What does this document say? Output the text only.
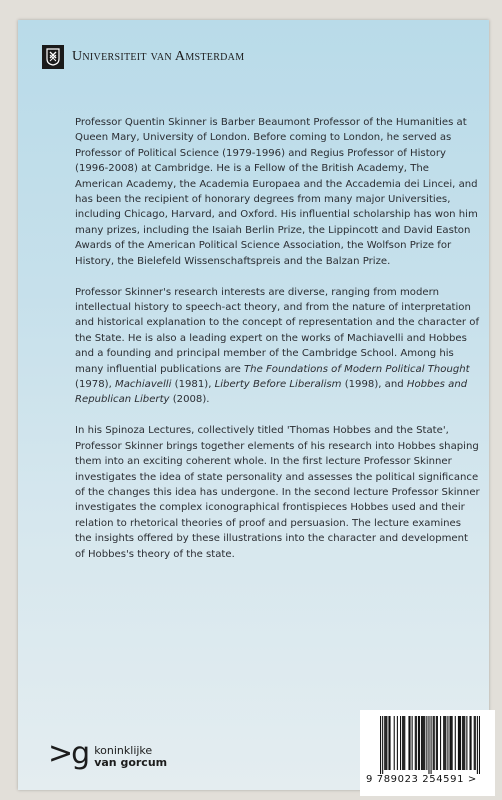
Universiteit van Amsterdam

Professor Quentin Skinner is Barber Beaumont Professor of the Humanities at Queen Mary, University of London. Before coming to London, he served as Professor of Political Science (1979-1996) and Regius Professor of History (1996-2008) at Cambridge. He is a Fellow of the British Academy, The American Academy, the Academia Europaea and the Accademia dei Lincei, and has been the recipient of honorary degrees from many major Universities, including Chicago, Harvard, and Oxford. His influential scholarship has won him many prizes, including the Isaiah Berlin Prize, the Lippincott and David Easton Awards of the American Political Science Association, the Wolfson Prize for History, the Bielefeld Wissenschaftspreis and the Balzan Prize.

Professor Skinner's research interests are diverse, ranging from modern intellectual history to speech-act theory, and from the nature of interpretation and historical explanation to the concept of representation and the character of the State. He is also a leading expert on the works of Machiavelli and Hobbes and a founding and principal member of the Cambridge School. Among his many influential publications are The Foundations of Modern Political Thought (1978), Machiavelli (1981), Liberty Before Liberalism (1998), and Hobbes and Republican Liberty (2008).

In his Spinoza Lectures, collectively titled 'Thomas Hobbes and the State', Professor Skinner brings together elements of his research into Hobbes shaping them into an exciting coherent whole. In the first lecture Professor Skinner investigates the idea of state personality and assesses the political significance of the changes this idea has undergone. In the second lecture Professor Skinner investigates the complex iconographical frontispieces Hobbes used and their relation to rhetorical theories of proof and persuasion. The lecture examines the insights offered by these illustrations into the character and development of Hobbes's theory of the state.

>g koninklijke
van gorcum
9 789023 254591 >
